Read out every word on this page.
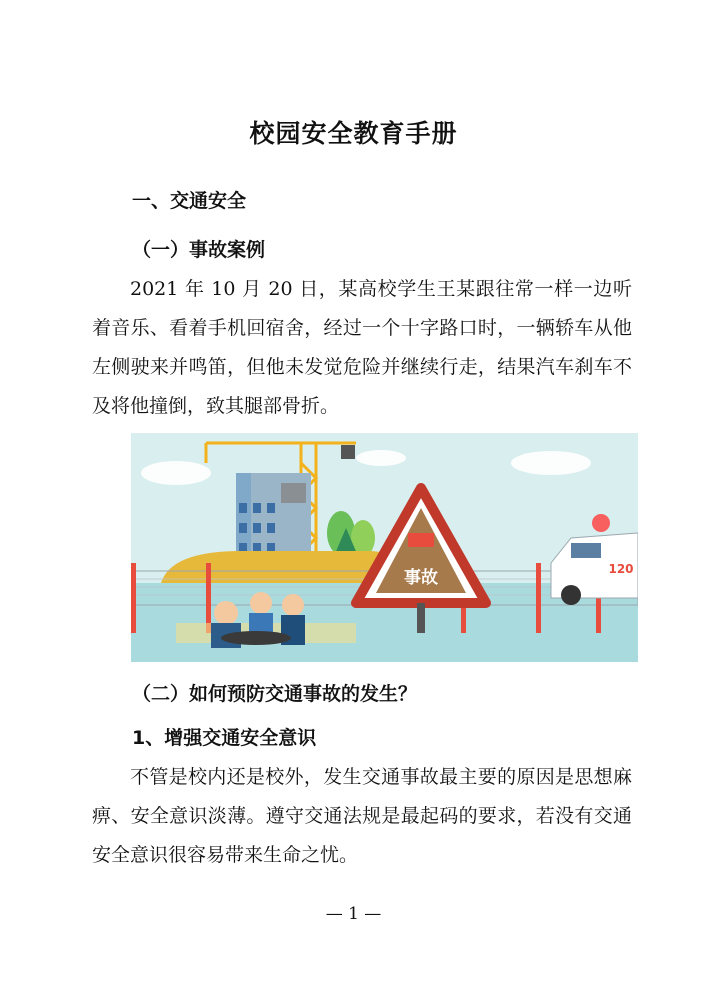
校园安全教育手册
一、交通安全
（一）事故案例

2021 年 10 月 20 日，某高校学生王某跟往常一样一边听着音乐、看着手机回宿舍，经过一个十字路口时，一辆轿车从他左侧驶来并鸣笛，但他未发觉危险并继续行走，结果汽车刹车不及将他撞倒，致其腿部骨折。

事故	120
（二）如何预防交通事故的发生？
1、增强交通安全意识

不管是校内还是校外，发生交通事故最主要的原因是思想麻痹、安全意识淡薄。遵守交通法规是最起码的要求，若没有交通安全意识很容易带来生命之忧。

— 1 —
